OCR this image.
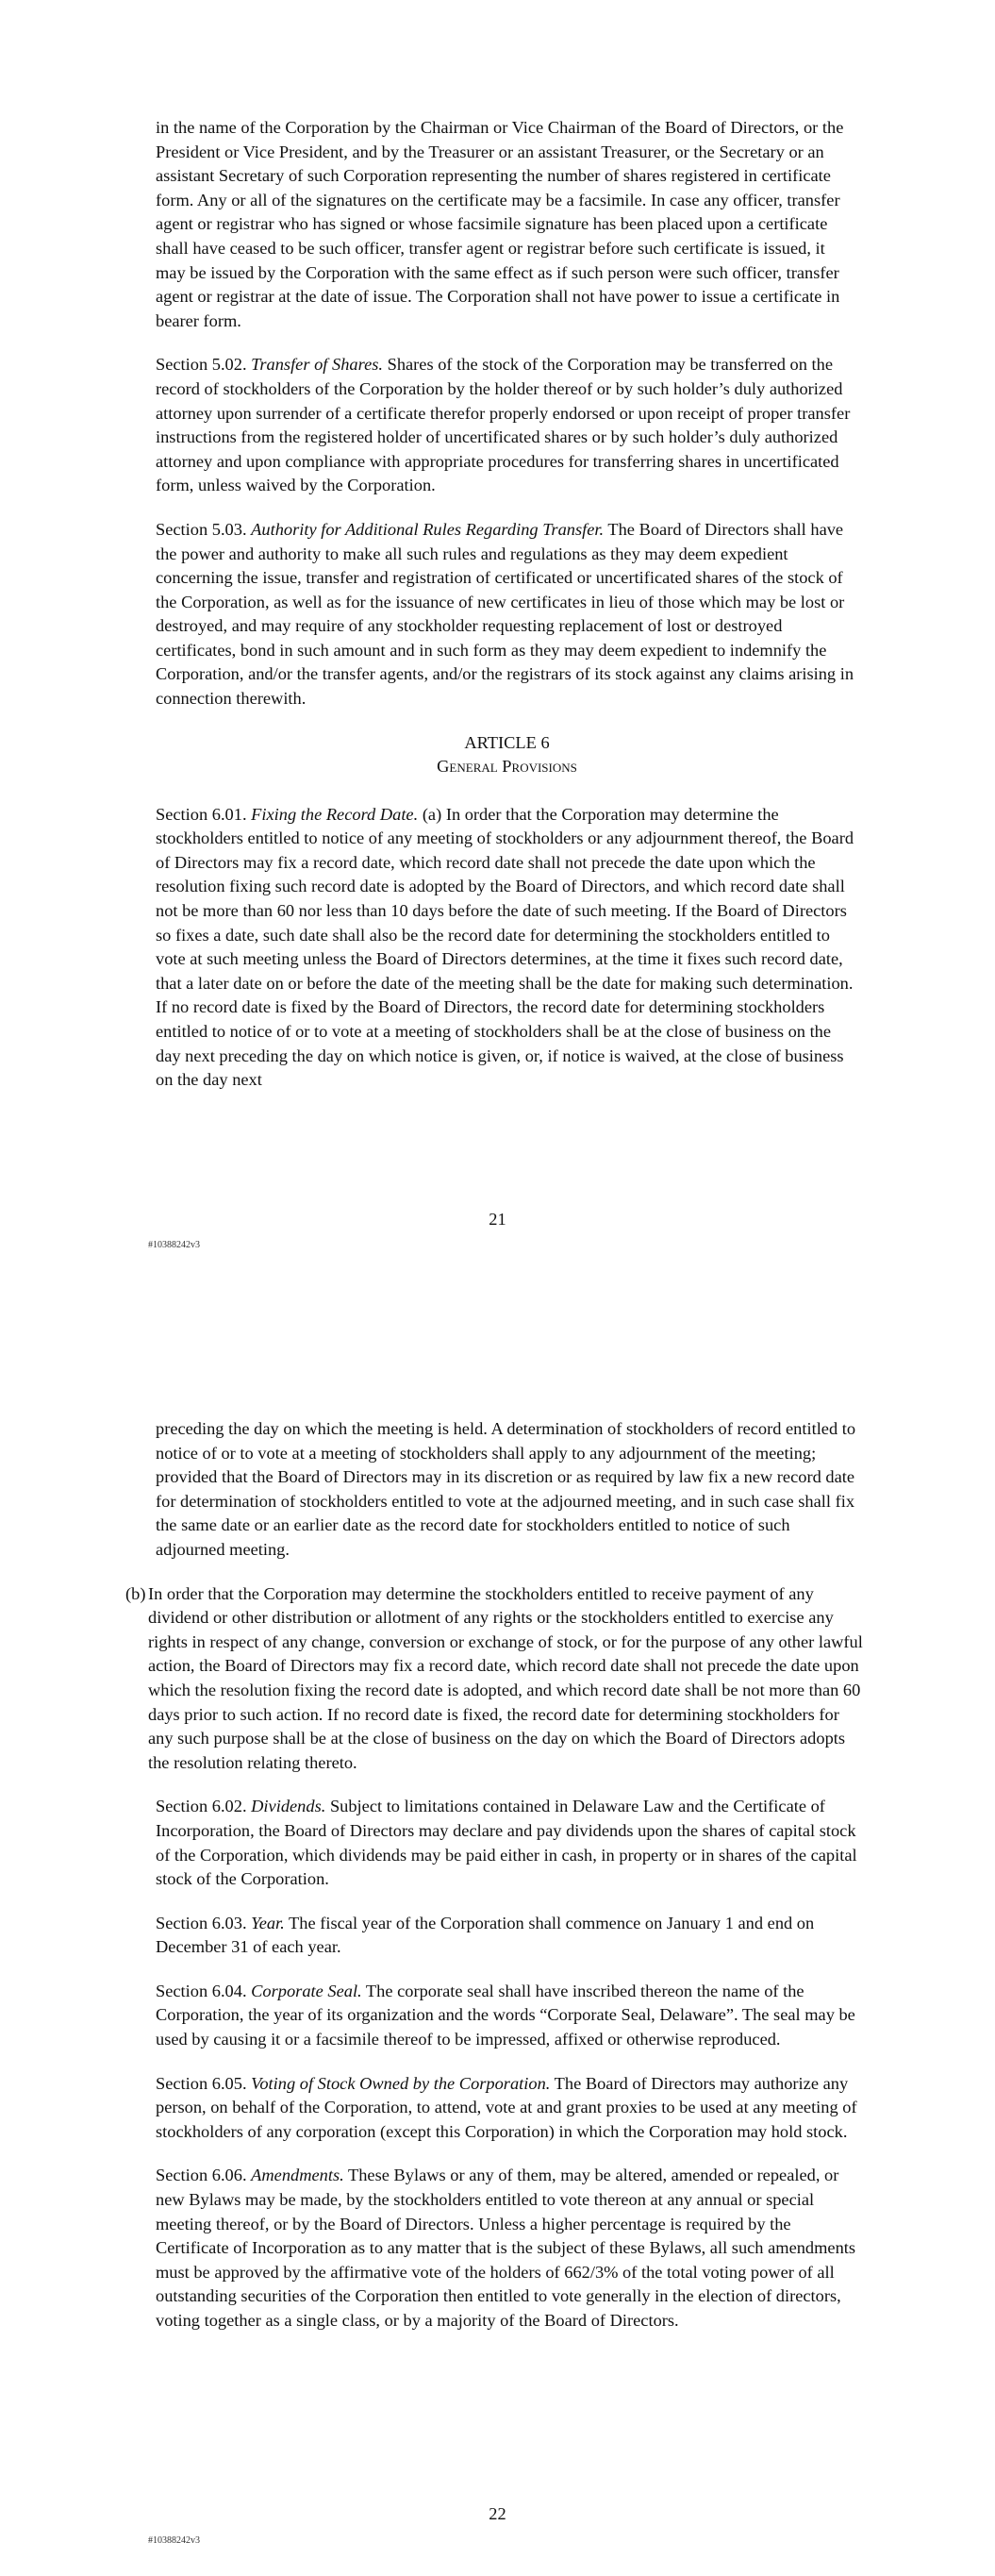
in the name of the Corporation by the Chairman or Vice Chairman of the Board of Directors, or the President or Vice President, and by the Treasurer or an assistant Treasurer, or the Secretary or an assistant Secretary of such Corporation representing the number of shares registered in certificate form. Any or all of the signatures on the certificate may be a facsimile. In case any officer, transfer agent or registrar who has signed or whose facsimile signature has been placed upon a certificate shall have ceased to be such officer, transfer agent or registrar before such certificate is issued, it may be issued by the Corporation with the same effect as if such person were such officer, transfer agent or registrar at the date of issue. The Corporation shall not have power to issue a certificate in bearer form.

Section 5.02. Transfer of Shares. Shares of the stock of the Corporation may be transferred on the record of stockholders of the Corporation by the holder thereof or by such holder’s duly authorized attorney upon surrender of a certificate therefor properly endorsed or upon receipt of proper transfer instructions from the registered holder of uncertificated shares or by such holder’s duly authorized attorney and upon compliance with appropriate procedures for transferring shares in uncertificated form, unless waived by the Corporation.

Section 5.03. Authority for Additional Rules Regarding Transfer. The Board of Directors shall have the power and authority to make all such rules and regulations as they may deem expedient concerning the issue, transfer and registration of certificated or uncertificated shares of the stock of the Corporation, as well as for the issuance of new certificates in lieu of those which may be lost or destroyed, and may require of any stockholder requesting replacement of lost or destroyed certificates, bond in such amount and in such form as they may deem expedient to indemnify the Corporation, and/or the transfer agents, and/or the registrars of its stock against any claims arising in connection therewith.

ARTICLE 6
General Provisions

Section 6.01. Fixing the Record Date. (a) In order that the Corporation may determine the stockholders entitled to notice of any meeting of stockholders or any adjournment thereof, the Board of Directors may fix a record date, which record date shall not precede the date upon which the resolution fixing such record date is adopted by the Board of Directors, and which record date shall not be more than 60 nor less than 10 days before the date of such meeting. If the Board of Directors so fixes a date, such date shall also be the record date for determining the stockholders entitled to vote at such meeting unless the Board of Directors determines, at the time it fixes such record date, that a later date on or before the date of the meeting shall be the date for making such determination. If no record date is fixed by the Board of Directors, the record date for determining stockholders entitled to notice of or to vote at a meeting of stockholders shall be at the close of business on the day next preceding the day on which notice is given, or, if notice is waived, at the close of business on the day next

21
#10388242v3

preceding the day on which the meeting is held. A determination of stockholders of record entitled to notice of or to vote at a meeting of stockholders shall apply to any adjournment of the meeting; provided that the Board of Directors may in its discretion or as required by law fix a new record date for determination of stockholders entitled to vote at the adjourned meeting, and in such case shall fix the same date or an earlier date as the record date for stockholders entitled to notice of such adjourned meeting.

(b) In order that the Corporation may determine the stockholders entitled to receive payment of any dividend or other distribution or allotment of any rights or the stockholders entitled to exercise any rights in respect of any change, conversion or exchange of stock, or for the purpose of any other lawful action, the Board of Directors may fix a record date, which record date shall not precede the date upon which the resolution fixing the record date is adopted, and which record date shall be not more than 60 days prior to such action. If no record date is fixed, the record date for determining stockholders for any such purpose shall be at the close of business on the day on which the Board of Directors adopts the resolution relating thereto.

Section 6.02. Dividends. Subject to limitations contained in Delaware Law and the Certificate of Incorporation, the Board of Directors may declare and pay dividends upon the shares of capital stock of the Corporation, which dividends may be paid either in cash, in property or in shares of the capital stock of the Corporation.

Section 6.03. Year. The fiscal year of the Corporation shall commence on January 1 and end on December 31 of each year.

Section 6.04. Corporate Seal. The corporate seal shall have inscribed thereon the name of the Corporation, the year of its organization and the words “Corporate Seal, Delaware”. The seal may be used by causing it or a facsimile thereof to be impressed, affixed or otherwise reproduced.

Section 6.05. Voting of Stock Owned by the Corporation. The Board of Directors may authorize any person, on behalf of the Corporation, to attend, vote at and grant proxies to be used at any meeting of stockholders of any corporation (except this Corporation) in which the Corporation may hold stock.

Section 6.06. Amendments. These Bylaws or any of them, may be altered, amended or repealed, or new Bylaws may be made, by the stockholders entitled to vote thereon at any annual or special meeting thereof, or by the Board of Directors. Unless a higher percentage is required by the Certificate of Incorporation as to any matter that is the subject of these Bylaws, all such amendments must be approved by the affirmative vote of the holders of 662/3% of the total voting power of all outstanding securities of the Corporation then entitled to vote generally in the election of directors, voting together as a single class, or by a majority of the Board of Directors.

22
#10388242v3
